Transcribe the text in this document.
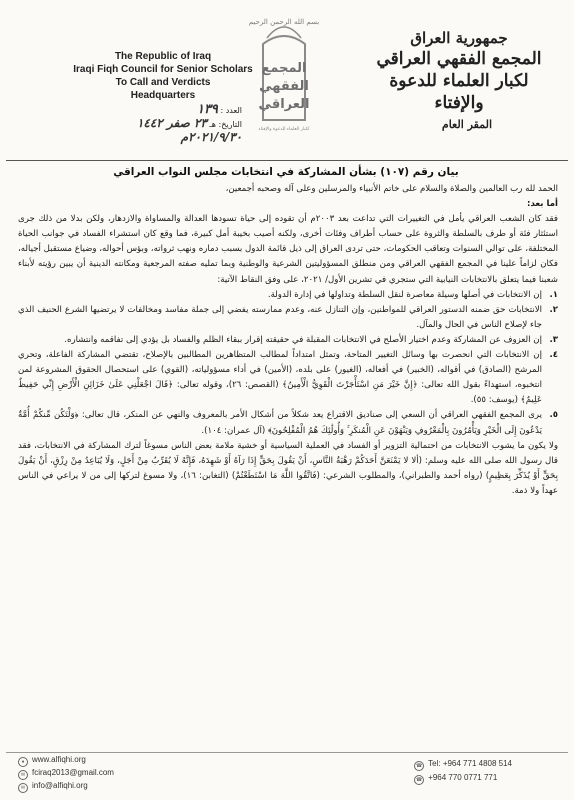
The Republic of Iraq
Iraqi Fiqh Council for Senior Scholars
To Call and Verdicts
Headquarters
بسم الله الرحمن الرحيم
المجمع
الفقهي
العراقي
لكبار العلماء للدعوة والإفتاء
جمهورية العراق
المجمع الفقهي العراقي
لكبار العلماء للدعوة والإفتاء
المقر العام
العدد : ١٣٩
التاريخ: هـ ٢٣ صفر ١٤٤٢
٢٠٢١/٩/٣٠م
بيان رقم (١٠٧) بشأن المشاركة في انتخابات مجلس النواب العراقي

الحمد لله رب العالمين والصلاة والسلام على خاتم الأنبياء والمرسلين وعلى آله وصحبه أجمعين،

أما بعد:

فقد كان الشعب العراقي يأمل في التغييرات التي تداعت بعد ٢٠٠٣م أن تقوده إلى حياة تسودها العدالة والمساواة والازدهار، ولكن بدلا من ذلك جرى استئثار فئة أو طرف بالسلطة والثروة على حساب أطراف وفئات أخرى، ولكنه أصيب بخيبة أمل كبيرة، فما وقع كان استشراء الفساد في جوانب الحياة المختلفة، على توالي السنوات وتعاقب الحكومات، حتى تردى العراق إلى ذيل قائمة الدول بسبب دماره ونهب ثرواته، وبؤس أحواله، وضياع مستقبل أجياله، فكان لزاماً علينا في المجمع الفقهي العراقي ومن منطلق المسؤوليتين الشرعية والوطنية وبما تمليه صفته المرجعية ومكانته الدينية أن يبين رؤيته لأبناء شعبنا فيما يتعلق بالانتخابات النيابية التي ستجري في تشرين الأول/ ٢٠٢١، على وفق النقاط الآتية:

١.
إن الانتخابات في أصلها وسيلة معاصرة لنقل السلطة وتداولها في إدارة الدولة.

٢.
الانتخابات حق ضمنه الدستور العراقي للمواطنين، وإن التنازل عنه، وعدم ممارسته يفضي إلى جملة مفاسد ومخالفات لا يرتضيها الشرع الحنيف الذي جاء لإصلاح الناس في الحال والمآل.

٣.
إن العزوف عن المشاركة وعدم اختيار الأصلح في الانتخابات المقبلة في حقيقته إقرار ببقاء الظلم والفساد بل يؤدي إلى تفاقمه وانتشاره.

٤.
إن الانتخابات التي انحصرت بها وسائل التغيير المتاحة، وتمثل امتداداً لمطالب المتظاهرين المطالبين بالإصلاح، تقتضي المشاركة الفاعلة، وتحري المرشح (الصادق) في أقواله، (الخبير) في أفعاله، (الغيور) على بلده، (الأمين) في أداء مسؤولياته، (القوي) على استحصال الحقوق المشروعة لمن انتخبوه، استهداءً بقول الله تعالى: ﴿إِنَّ خَيْرَ مَنِ اسْتَأْجَرْتَ الْقَوِيُّ الْأَمِينُ﴾ (القصص: ٢٦)، وقوله تعالى: ﴿قَالَ اجْعَلْنِي عَلَىٰ خَزَائِنِ الْأَرْضِ إِنِّي حَفِيظٌ عَلِيمٌ﴾ (يوسف: ٥٥).

٥.
يرى المجمع الفقهي العراقي أن السعي إلى صناديق الاقتراع يعد شكلاً من أشكال الأمر بالمعروف والنهي عن المنكر، قال تعالى: ﴿وَلْتَكُن مِّنكُمْ أُمَّةٌ يَدْعُونَ إِلَى الْخَيْرِ وَيَأْمُرُونَ بِالْمَعْرُوفِ وَيَنْهَوْنَ عَنِ الْمُنكَرِ ۚ وَأُولَٰئِكَ هُمُ الْمُفْلِحُونَ﴾ (آل عمران: ١٠٤).

ولا يكون ما يشوب الانتخابات من احتمالية التزوير أو الفساد في العملية السياسية أو خشية ملامة بعض الناس مسوغاً لترك المشاركة في الانتخابات، فقد قال رسول الله صلى الله عليه وسلم: (ألا لا يَمْنَعَنَّ أَحَدَكُمْ رَهْبَةُ النَّاسِ، أَنْ يَقُولَ بِحَقٍّ إِذَا رَآهُ أَوْ شَهِدَهُ، فَإِنَّهُ لَا يُقَرِّبُ مِنْ أَجَلٍ، وَلَا يُبَاعِدُ مِنْ رِزْقٍ، أَنْ يَقُولَ بِحَقٍّ أَوْ يُذَكِّرَ بِعَظِيمٍ) (رواه أحمد والطبراني)، والمطلوب الشرعي: (فَاتَّقُوا اللَّهَ مَا اسْتَطَعْتُمْ) (التغابن: ١٦)، ولا مسوغ لتركها إلى من لا يراعي في الناس عهداً ولا ذمة.

● www.alfiqhi.org
✉ fciraq2013@gmail.com
✉ info@alfiqhi.org
☎ Tel: +964 771 4808 514
☎ +964 770 0771 771
